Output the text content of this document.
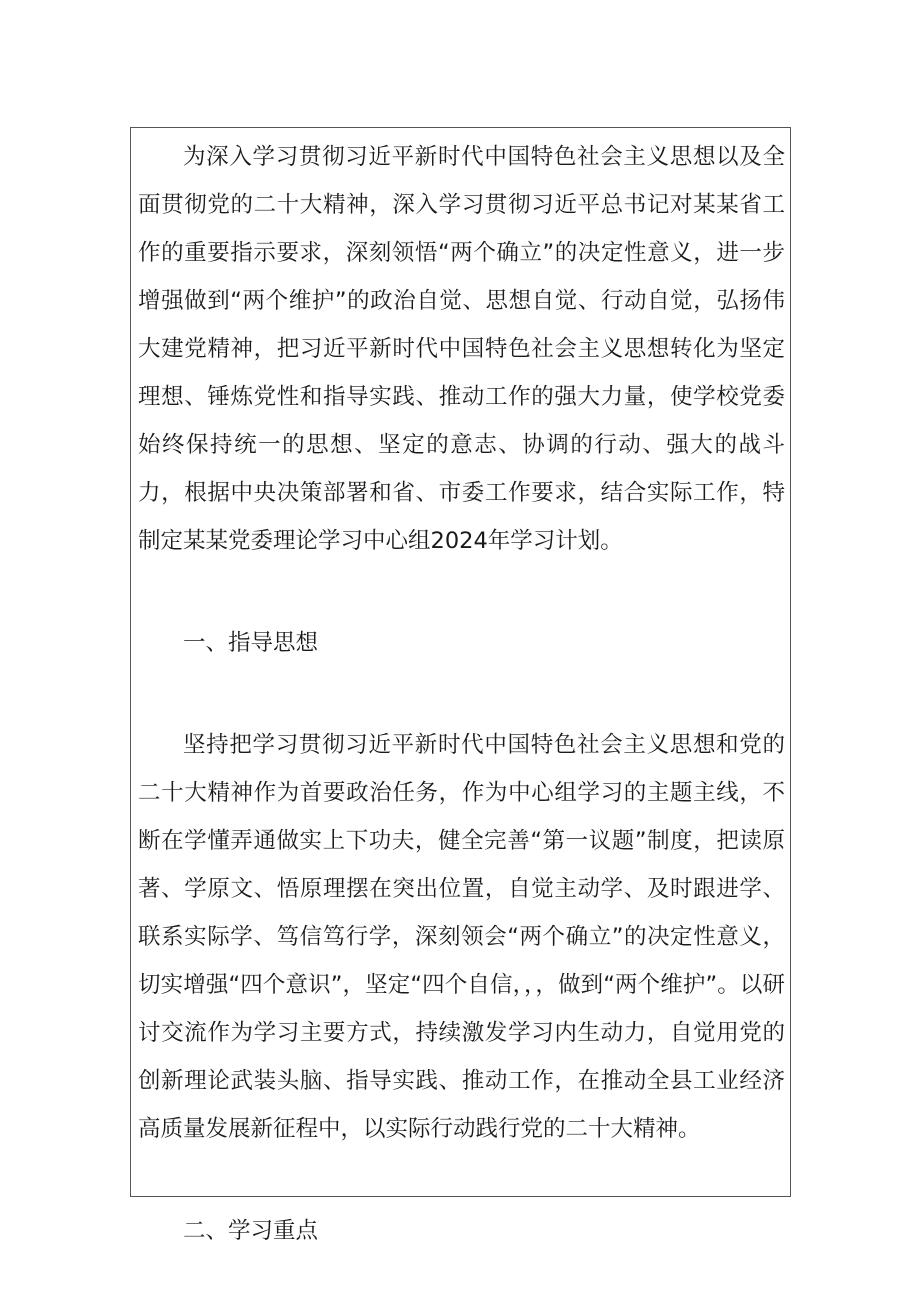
为深入学习贯彻习近平新时代中国特色社会主义思想以及全面贯彻党的二十大精神，深入学习贯彻习近平总书记对某某省工作的重要指示要求，深刻领悟“两个确立”的决定性意义，进一步增强做到“两个维护”的政治自觉、思想自觉、行动自觉，弘扬伟大建党精神，把习近平新时代中国特色社会主义思想转化为坚定理想、锤炼党性和指导实践、推动工作的强大力量，使学校党委始终保持统一的思想、坚定的意志、协调的行动、强大的战斗力，根据中央决策部署和省、市委工作要求，结合实际工作，特制定某某党委理论学习中心组2024年学习计划。

一、指导思想

坚持把学习贯彻习近平新时代中国特色社会主义思想和党的二十大精神作为首要政治任务，作为中心组学习的主题主线，不断在学懂弄通做实上下功夫，健全完善“第一议题”制度，把读原著、学原文、悟原理摆在突出位置，自觉主动学、及时跟进学、联系实际学、笃信笃行学，深刻领会“两个确立”的决定性意义，切实增强“四个意识”，坚定“四个自信，，，做到“两个维护”。以研讨交流作为学习主要方式，持续激发学习内生动力，自觉用党的创新理论武装头脑、指导实践、推动工作，在推动全县工业经济高质量发展新征程中，以实际行动践行党的二十大精神。

二、学习重点
